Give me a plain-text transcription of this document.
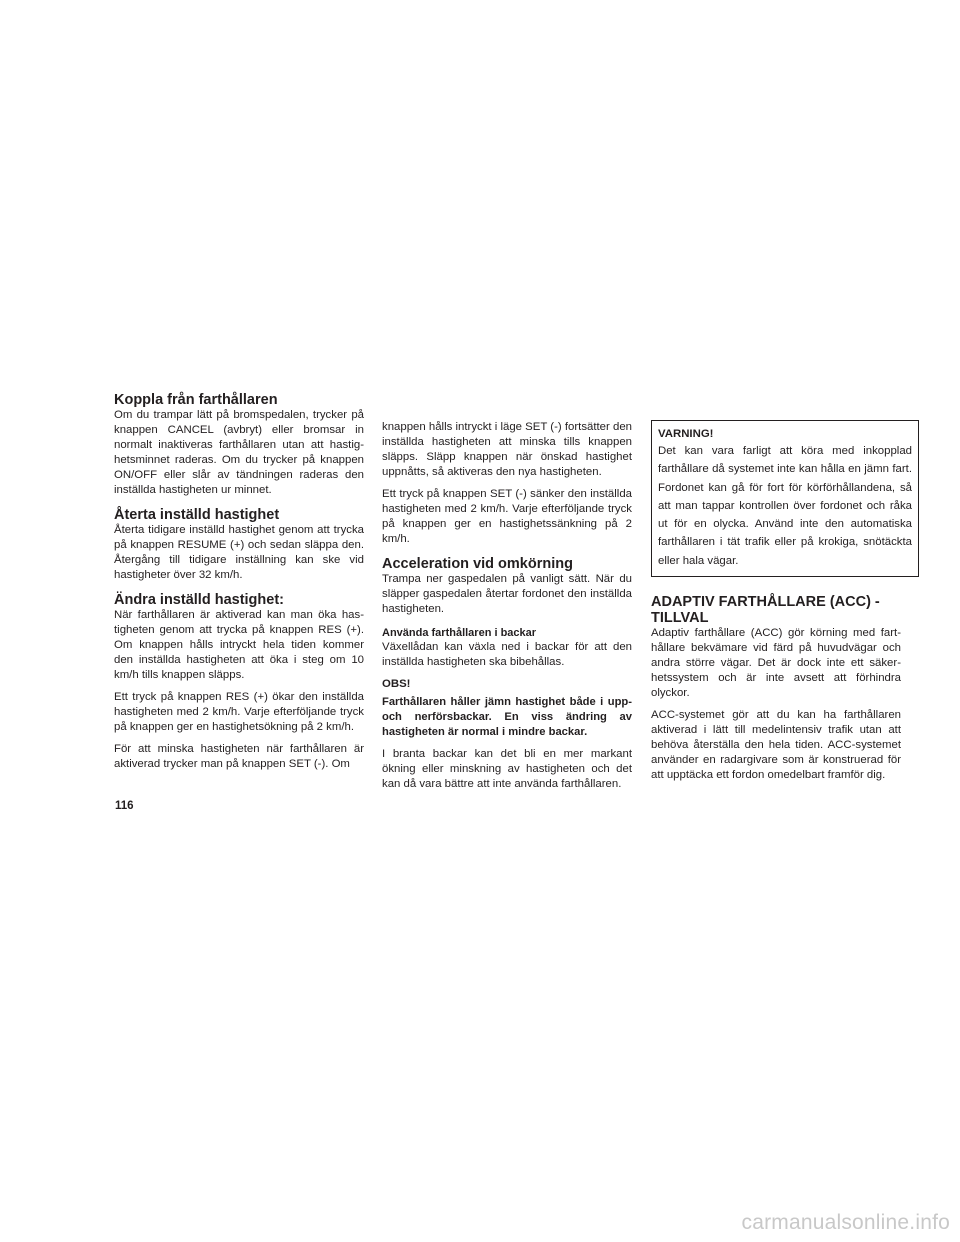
Koppla från farthållaren

Om du trampar lätt på bromspedalen, trycker på knappen CANCEL (avbryt) eller bromsar in normalt inaktiveras farthållaren utan att hastighetsminnet raderas. Om du trycker på knappen ON/OFF eller slår av tändningen raderas den inställda hastigheten ur minnet.

Återta inställd hastighet

Återta tidigare inställd hastighet genom att trycka på knappen RESUME (+) och sedan släppa den. Återgång till tidigare inställning kan ske vid hastigheter över 32 km/h.

Ändra inställd hastighet:

När farthållaren är aktiverad kan man öka hastigheten genom att trycka på knappen RES (+). Om knappen hålls intryckt hela tiden kommer den inställda hastigheten att öka i steg om 10 km/h tills knappen släpps.

Ett tryck på knappen RES (+) ökar den inställda hastigheten med 2 km/h. Varje efterföljande tryck på knappen ger en hastighetsökning på 2 km/h.

För att minska hastigheten när farthållaren är aktiverad trycker man på knappen SET (-). Om

knappen hålls intryckt i läge SET (-) fortsätter den inställda hastigheten att minska tills knappen släpps. Släpp knappen när önskad hastighet uppnåtts, så aktiveras den nya hastigheten.

Ett tryck på knappen SET (-) sänker den inställda hastigheten med 2 km/h. Varje efterföljande tryck på knappen ger en hastighetssänkning på 2 km/h.

Acceleration vid omkörning

Trampa ner gaspedalen på vanligt sätt. När du släpper gaspedalen återtar fordonet den inställda hastigheten.

Använda farthållaren i backar

Växellådan kan växla ned i backar för att den inställda hastigheten ska bibehållas.

OBS!
Farthållaren håller jämn hastighet både i upp- och nerförsbackar. En viss ändring av hastigheten är normal i mindre backar.

I branta backar kan det bli en mer markant ökning eller minskning av hastigheten och det kan då vara bättre att inte använda farthållaren.

VARNING!
Det kan vara farligt att köra med inkopplad farthållare då systemet inte kan hålla en jämn fart. Fordonet kan gå för fort för körförhållandena, så att man tappar kontrollen över fordonet och råka ut för en olycka. Använd inte den automatiska farthållaren i tät trafik eller på krokiga, snötäckta eller hala vägar.
ADAPTIV FARTHÅLLARE (ACC) -
TILLVAL

Adaptiv farthållare (ACC) gör körning med farthållare bekvämare vid färd på huvudvägar och andra större vägar. Det är dock inte ett säkerhetssystem och är inte avsett att förhindra olyckor.

ACC-systemet gör att du kan ha farthållaren aktiverad i lätt till medelintensiv trafik utan att behöva återställa den hela tiden. ACC-systemet använder en radargivare som är konstruerad för att upptäcka ett fordon omedelbart framför dig.

116
carmanualsonline.info
